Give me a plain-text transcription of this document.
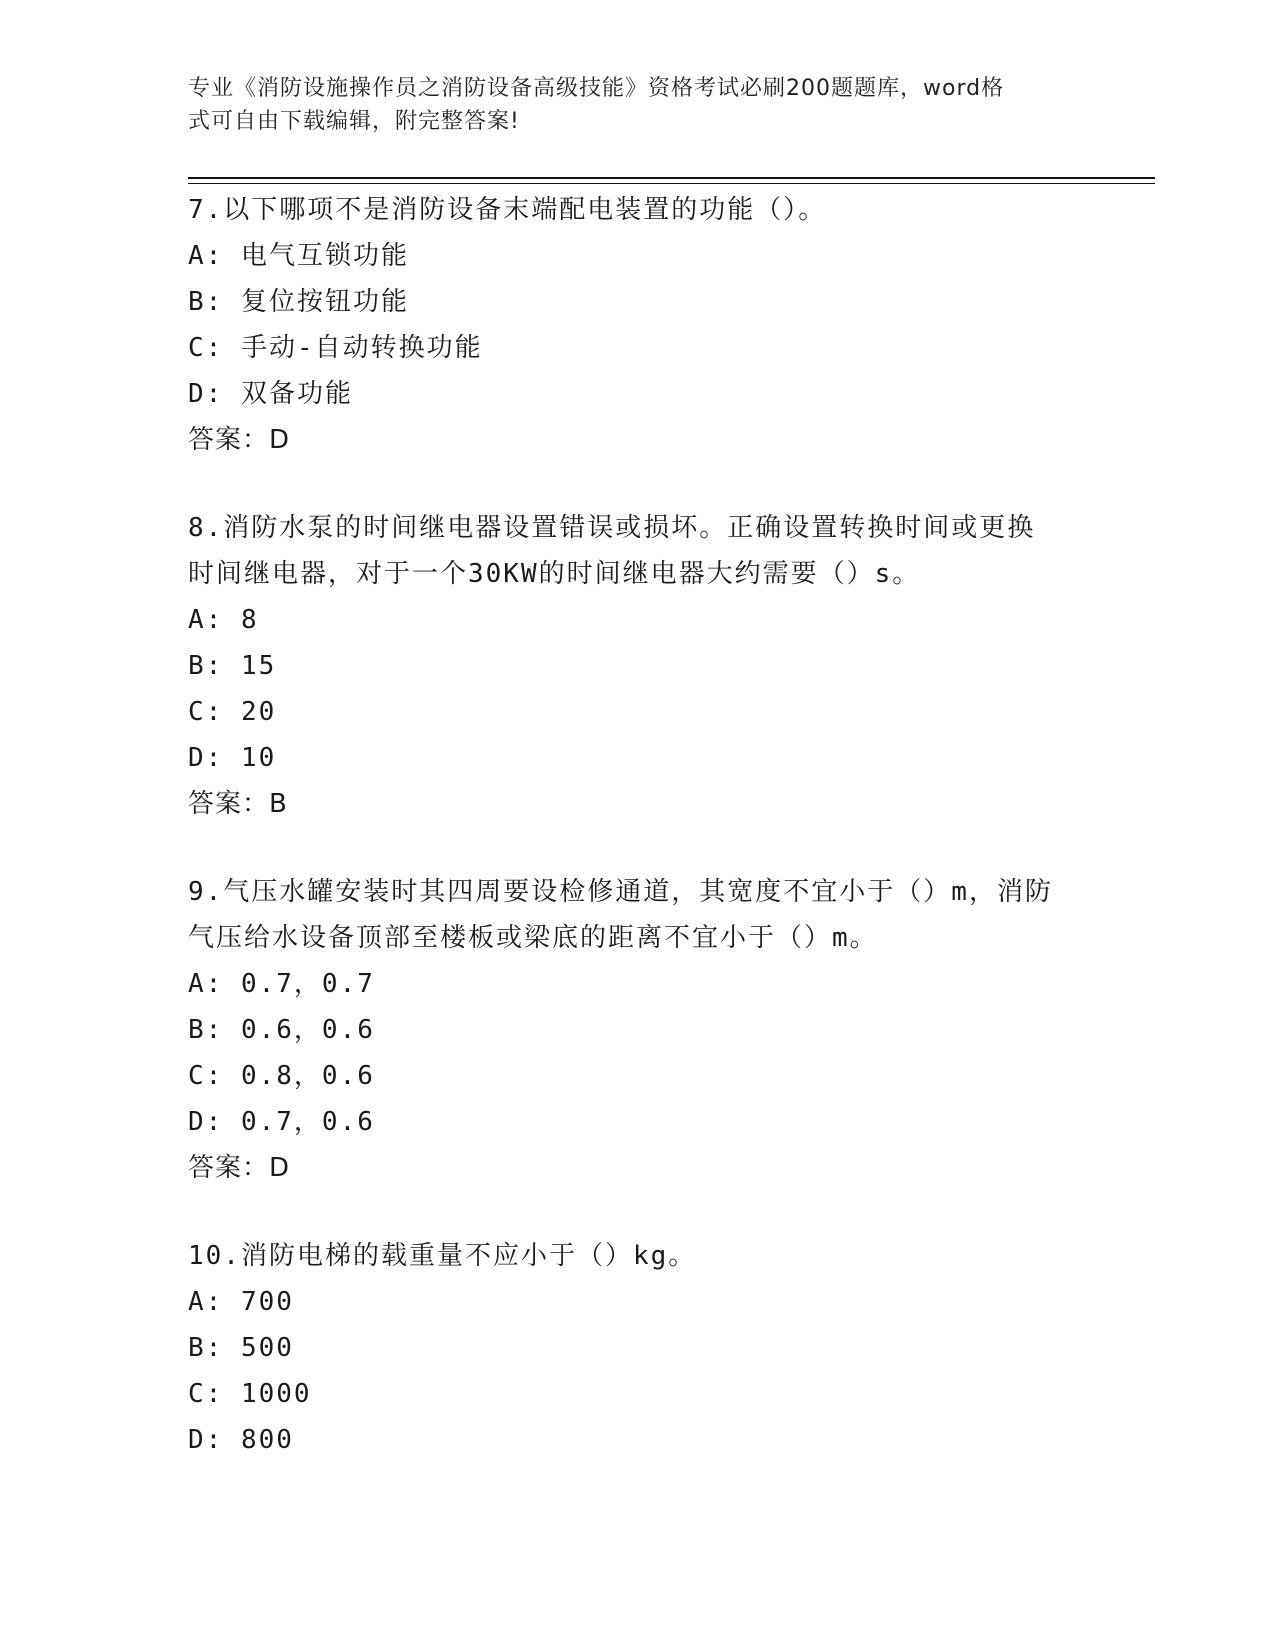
专业《消防设施操作员之消防设备高级技能》资格考试必刷200题题库，word格
式可自由下载编辑，附完整答案!

7.以下哪项不是消防设备末端配电装置的功能（）。

A: 电气互锁功能

B: 复位按钮功能

C: 手动-自动转换功能

D: 双备功能

答案：D

8.消防水泵的时间继电器设置错误或损坏。正确设置转换时间或更换

时间继电器，对于一个30KW的时间继电器大约需要（）s。

A: 8

B: 15

C: 20

D: 10

答案：B

9.气压水罐安装时其四周要设检修通道，其宽度不宜小于（）m，消防

气压给水设备顶部至楼板或梁底的距离不宜小于（）m。

A: 0.7，0.7

B: 0.6，0.6

C: 0.8，0.6

D: 0.7，0.6

答案：D

10.消防电梯的载重量不应小于（）kg。

A: 700

B: 500

C: 1000

D: 800
